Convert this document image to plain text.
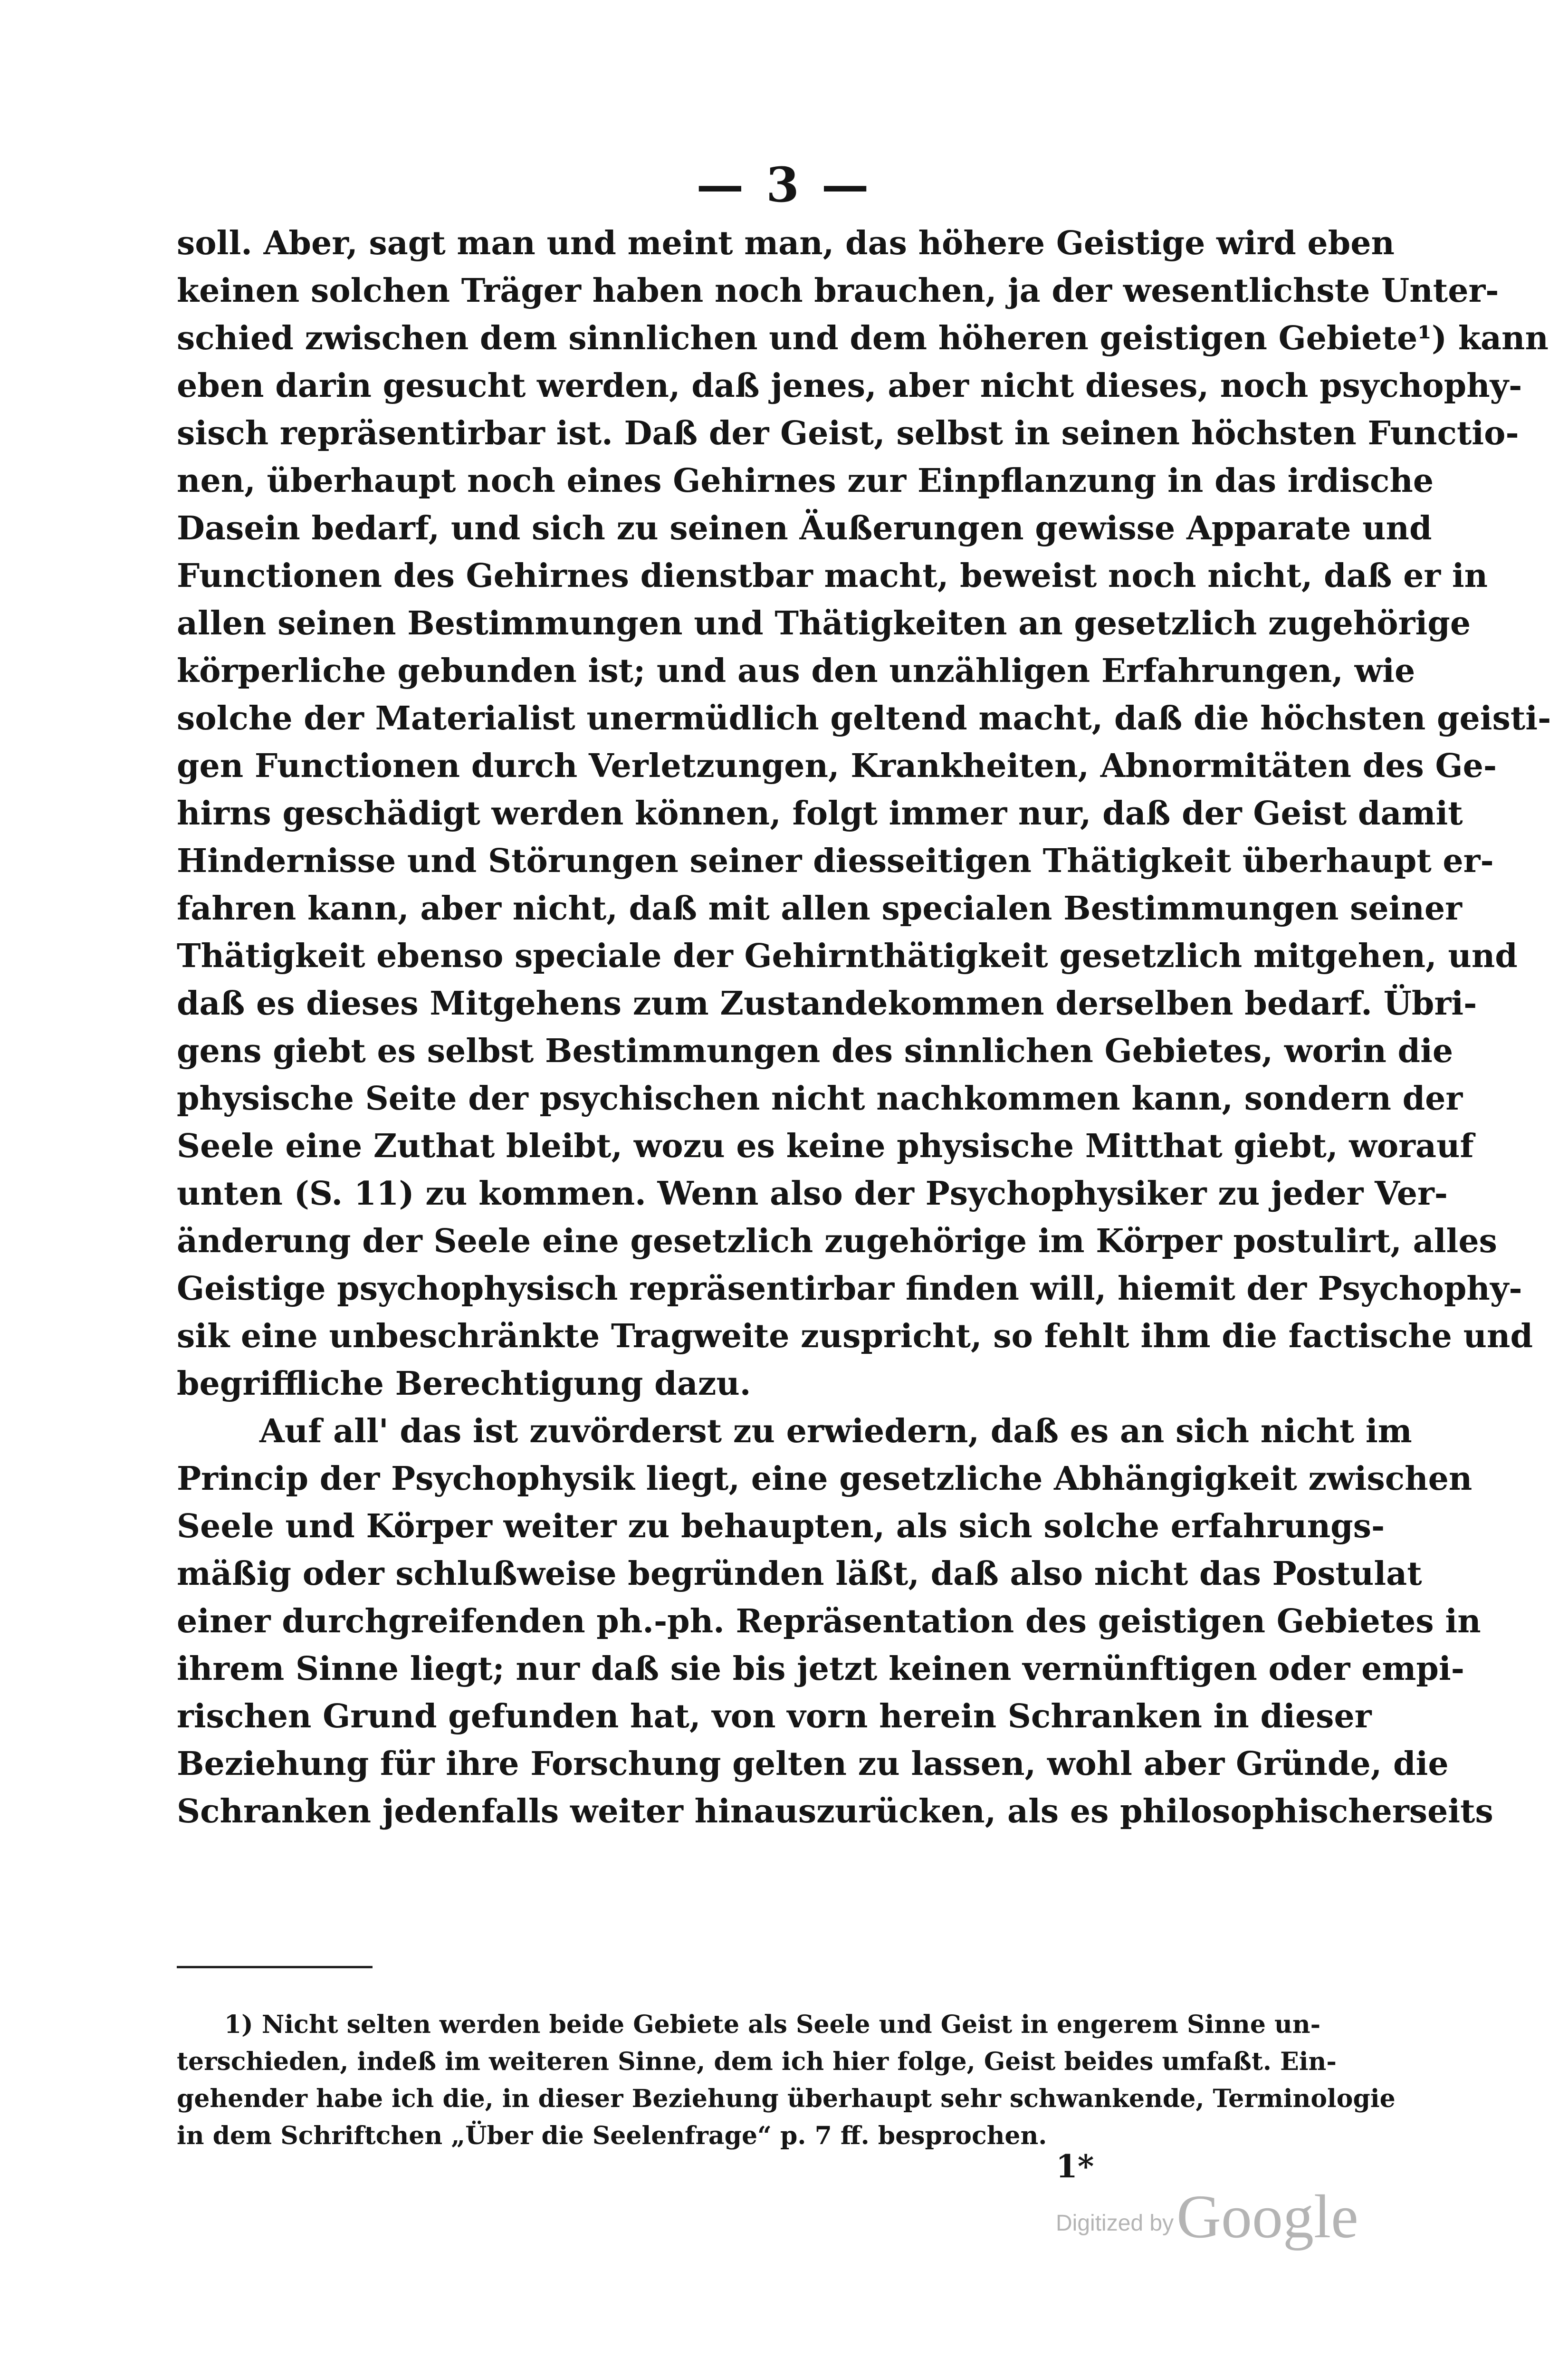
— 3 —
soll. Aber, sagt man und meint man, das höhere Geistige wird eben
keinen solchen Träger haben noch brauchen, ja der wesentlichste Unter-
schied zwischen dem sinnlichen und dem höheren geistigen Gebiete¹) kann
eben darin gesucht werden, daß jenes, aber nicht dieses, noch psychophy-
sisch repräsentirbar ist. Daß der Geist, selbst in seinen höchsten Functio-
nen, überhaupt noch eines Gehirnes zur Einpflanzung in das irdische
Dasein bedarf, und sich zu seinen Äußerungen gewisse Apparate und
Functionen des Gehirnes dienstbar macht, beweist noch nicht, daß er in
allen seinen Bestimmungen und Thätigkeiten an gesetzlich zugehörige
körperliche gebunden ist; und aus den unzähligen Erfahrungen, wie
solche der Materialist unermüdlich geltend macht, daß die höchsten geisti-
gen Functionen durch Verletzungen, Krankheiten, Abnormitäten des Ge-
hirns geschädigt werden können, folgt immer nur, daß der Geist damit
Hindernisse und Störungen seiner diesseitigen Thätigkeit überhaupt er-
fahren kann, aber nicht, daß mit allen specialen Bestimmungen seiner
Thätigkeit ebenso speciale der Gehirnthätigkeit gesetzlich mitgehen, und
daß es dieses Mitgehens zum Zustandekommen derselben bedarf. Übri-
gens giebt es selbst Bestimmungen des sinnlichen Gebietes, worin die
physische Seite der psychischen nicht nachkommen kann, sondern der
Seele eine Zuthat bleibt, wozu es keine physische Mitthat giebt, worauf
unten (S. 11) zu kommen. Wenn also der Psychophysiker zu jeder Ver-
änderung der Seele eine gesetzlich zugehörige im Körper postulirt, alles
Geistige psychophysisch repräsentirbar finden will, hiemit der Psychophy-
sik eine unbeschränkte Tragweite zuspricht, so fehlt ihm die factische und
begriffliche Berechtigung dazu.
Auf all' das ist zuvörderst zu erwiedern, daß es an sich nicht im
Princip der Psychophysik liegt, eine gesetzliche Abhängigkeit zwischen
Seele und Körper weiter zu behaupten, als sich solche erfahrungs-
mäßig oder schlußweise begründen läßt, daß also nicht das Postulat
einer durchgreifenden ph.-ph. Repräsentation des geistigen Gebietes in
ihrem Sinne liegt; nur daß sie bis jetzt keinen vernünftigen oder empi-
rischen Grund gefunden hat, von vorn herein Schranken in dieser
Beziehung für ihre Forschung gelten zu lassen, wohl aber Gründe, die
Schranken jedenfalls weiter hinauszurücken, als es philosophischerseits
1) Nicht selten werden beide Gebiete als Seele und Geist in engerem Sinne un-
terschieden, indeß im weiteren Sinne, dem ich hier folge, Geist beides umfaßt. Ein-
gehender habe ich die, in dieser Beziehung überhaupt sehr schwankende, Terminologie
in dem Schriftchen „Über die Seelenfrage“ p. 7 ff. besprochen.
1*
Digitized byGoogle
